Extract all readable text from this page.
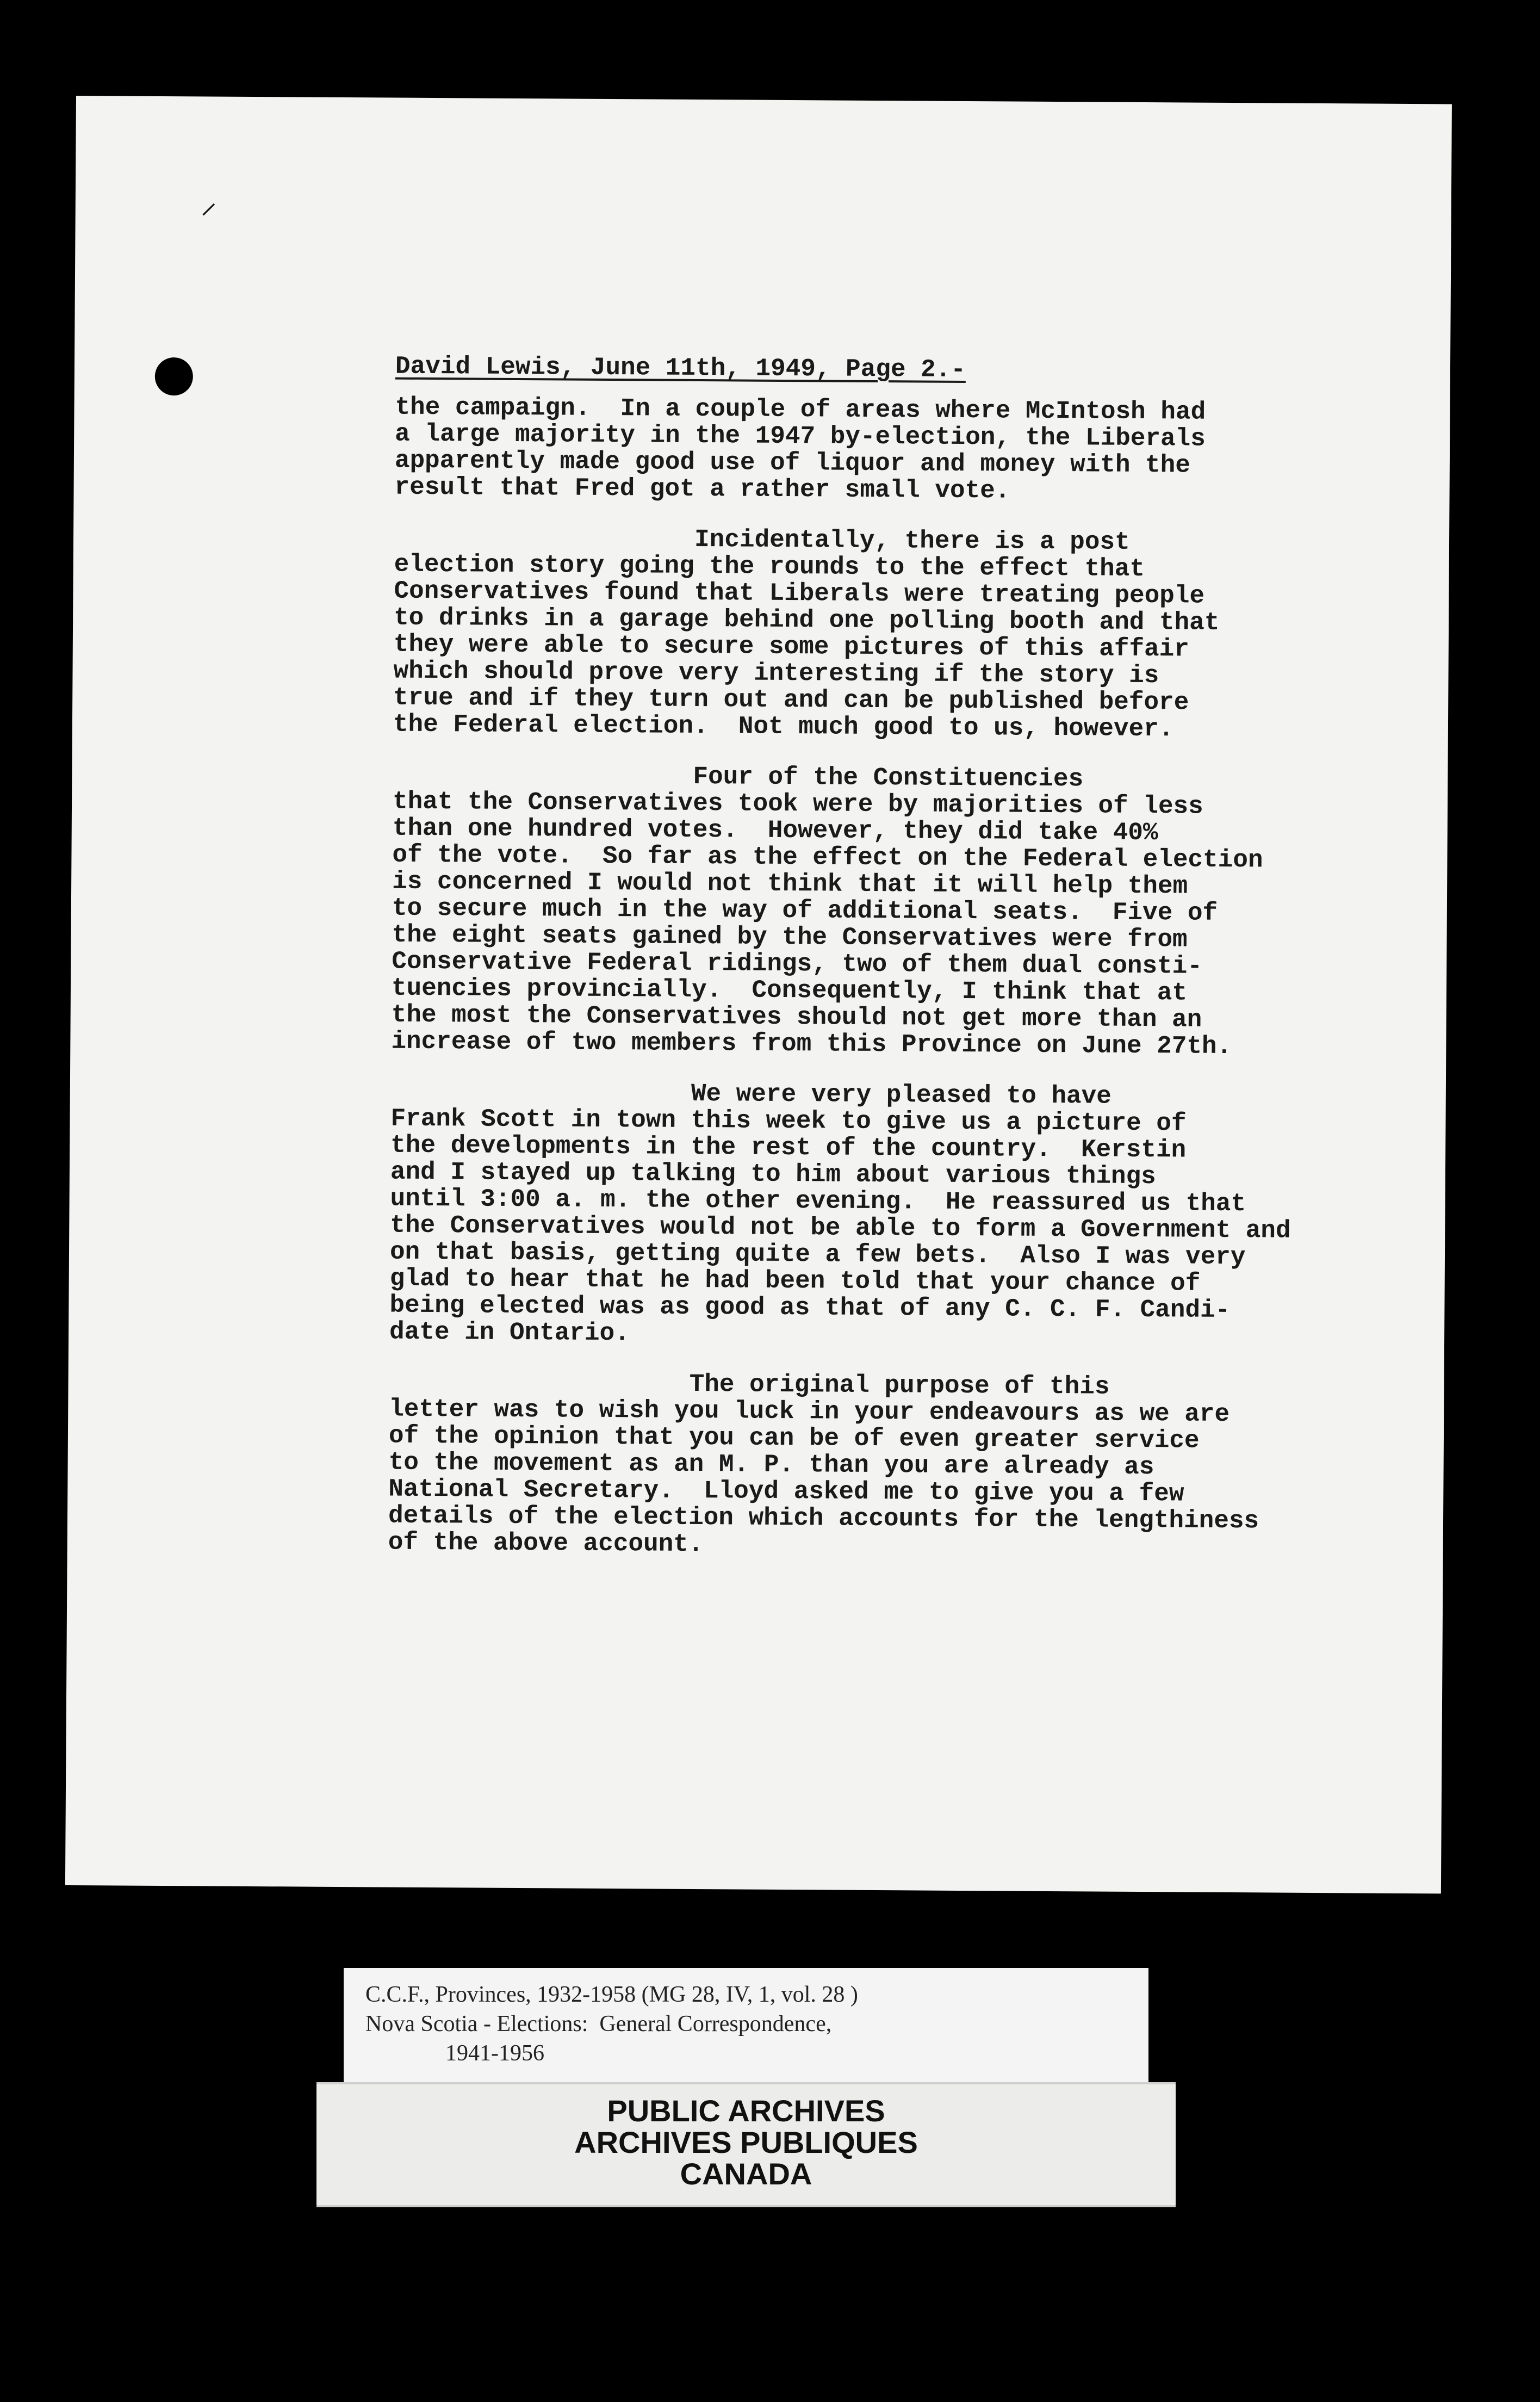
⸝
David Lewis, June 11th, 1949, Page 2.-
the campaign.  In a couple of areas where McIntosh had
a large majority in the 1947 by-election, the Liberals
apparently made good use of liquor and money with the
result that Fred got a rather small vote.
Incidentally, there is a post
election story going the rounds to the effect that
Conservatives found that Liberals were treating people
to drinks in a garage behind one polling booth and that
they were able to secure some pictures of this affair
which should prove very interesting if the story is
true and if they turn out and can be published before
the Federal election.  Not much good to us, however.
Four of the Constituencies
that the Conservatives took were by majorities of less
than one hundred votes.  However, they did take 40%
of the vote.  So far as the effect on the Federal election
is concerned I would not think that it will help them
to secure much in the way of additional seats.  Five of
the eight seats gained by the Conservatives were from
Conservative Federal ridings, two of them dual consti-
tuencies provincially.  Consequently, I think that at
the most the Conservatives should not get more than an
increase of two members from this Province on June 27th.
We were very pleased to have
Frank Scott in town this week to give us a picture of
the developments in the rest of the country.  Kerstin
and I stayed up talking to him about various things
until 3:00 a. m. the other evening.  He reassured us that
the Conservatives would not be able to form a Government and
on that basis, getting quite a few bets.  Also I was very
glad to hear that he had been told that your chance of
being elected was as good as that of any C. C. F. Candi-
date in Ontario.
The original purpose of this
letter was to wish you luck in your endeavours as we are
of the opinion that you can be of even greater service
to the movement as an M. P. than you are already as
National Secretary.  Lloyd asked me to give you a few
details of the election which accounts for the lengthiness
of the above account.
C.C.F., Provinces, 1932-1958 (MG 28, IV, 1, vol. 28 )
Nova Scotia - Elections:  General Correspondence,
1941-1956
PUBLIC ARCHIVES
ARCHIVES PUBLIQUES
CANADA
